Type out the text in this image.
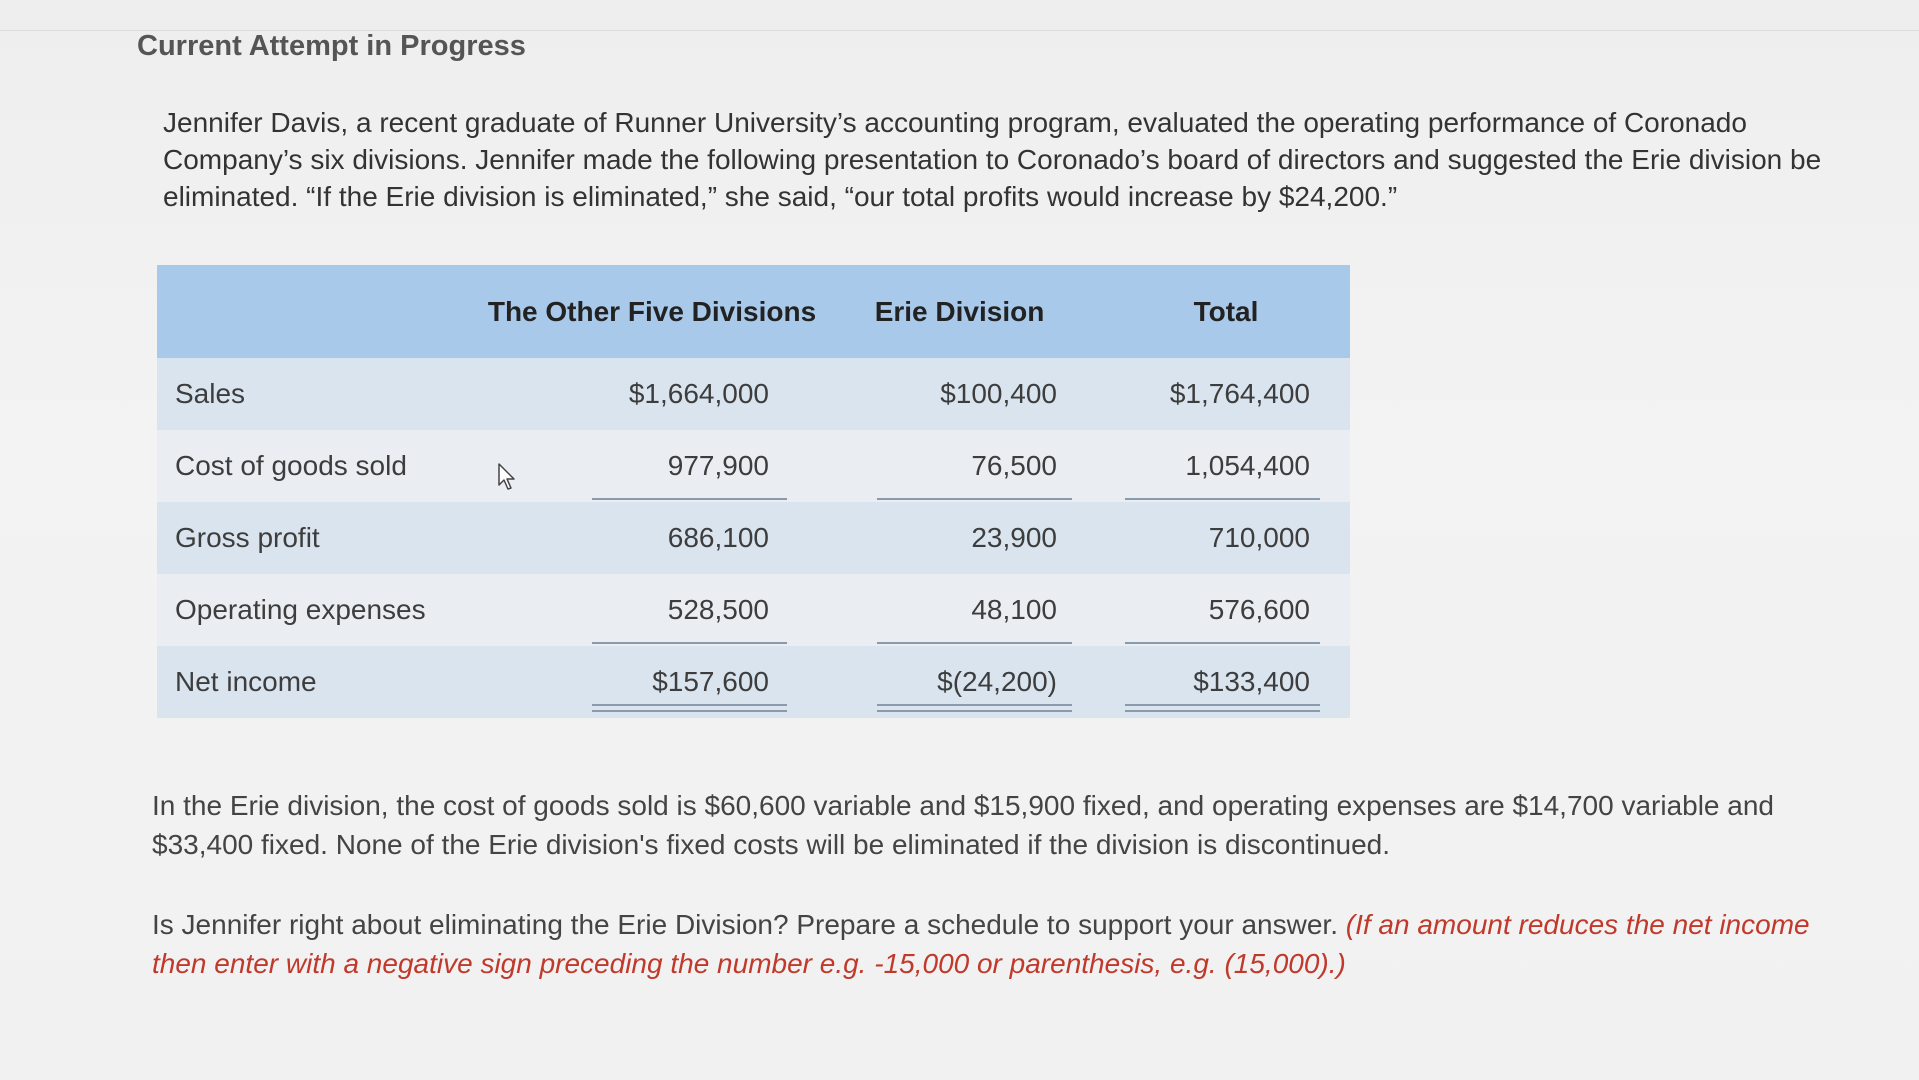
Current Attempt in Progress
Jennifer Davis, a recent graduate of Runner University’s accounting program, evaluated the operating performance of Coronado Company’s six divisions. Jennifer made the following presentation to Coronado’s board of directors and suggested the Erie division be eliminated. “If the Erie division is eliminated,” she said, “our total profits would increase by $24,200.”
	The Other Five Divisions	Erie Division	Total
Sales	$1,664,000	$100,400	$1,764,400
Cost of goods sold	977,900	76,500	1,054,400
Gross profit	686,100	23,900	710,000
Operating expenses	528,500	48,100	576,600
Net income	$157,600	$(24,200)	$133,400
In the Erie division, the cost of goods sold is $60,600 variable and $15,900 fixed, and operating expenses are $14,700 variable and $33,400 fixed. None of the Erie division's fixed costs will be eliminated if the division is discontinued.
Is Jennifer right about eliminating the Erie Division? Prepare a schedule to support your answer. (If an amount reduces the net income then enter with a negative sign preceding the number e.g. -15,000 or parenthesis, e.g. (15,000).)
